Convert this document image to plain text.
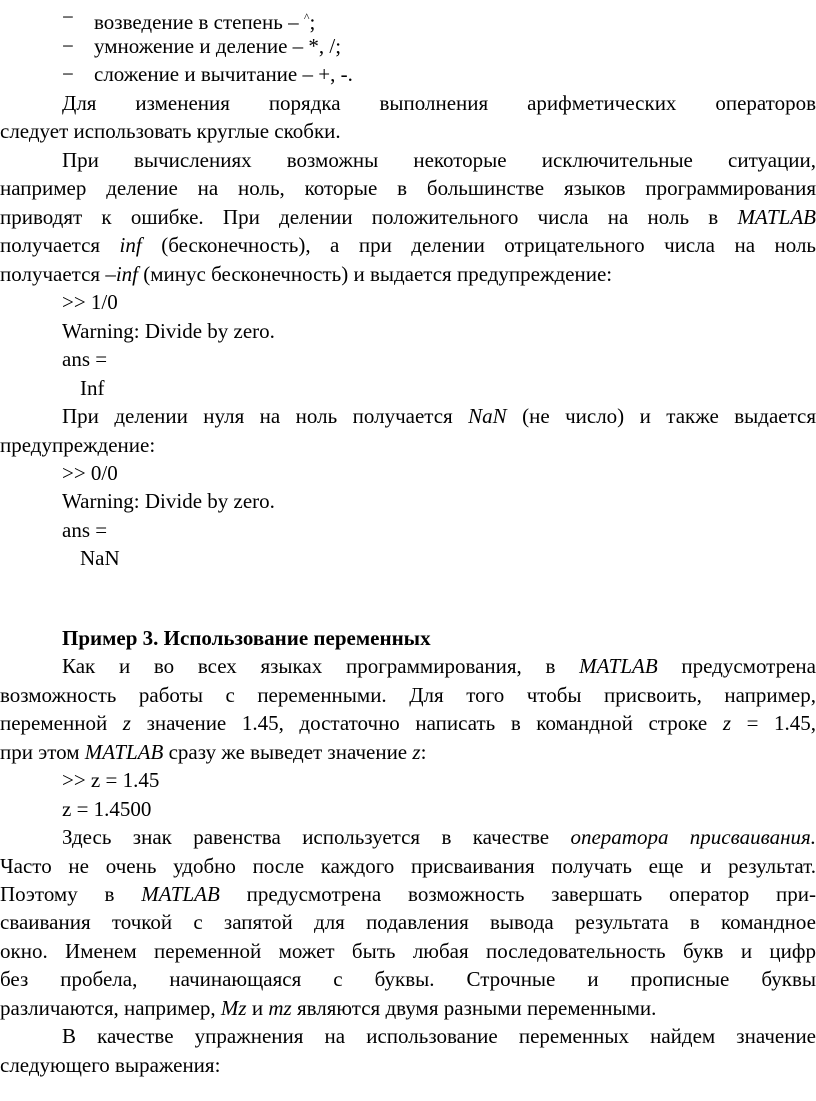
− возведение в степень – ^;
− умножение и деление – *, /;
− сложение и вычитание – +, -.
Для изменения порядка выполнения арифметических операторов
следует использовать круглые скобки.
При вычислениях возможны некоторые исключительные ситуации,
например деление на ноль, которые в большинстве языков программирования
приводят к ошибке. При делении положительного числа на ноль в MATLAB
получается inf (бесконечность), а при делении отрицательного числа на ноль
получается –inf (минус бесконечность) и выдается предупреждение:
>> 1/0
Warning: Divide by zero.
ans =
Inf
При делении нуля на ноль получается NaN (не число) и также выдается
предупреждение:
>> 0/0
Warning: Divide by zero.
ans =
NaN
Пример 3. Использование переменных
Как и во всех языках программирования, в MATLAB предусмотрена
возможность работы с переменными. Для того чтобы присвоить, например,
переменной z значение 1.45, достаточно написать в командной строке z = 1.45,
при этом MATLAB сразу же выведет значение z:
>> z = 1.45
z = 1.4500
Здесь знак равенства используется в качестве оператора присваивания.
Часто не очень удобно после каждого присваивания получать еще и результат.
Поэтому в MATLAB предусмотрена возможность завершать оператор при-
сваивания точкой с запятой для подавления вывода результата в командное
окно. Именем переменной может быть любая последовательность букв и цифр
без пробела, начинающаяся с буквы. Строчные и прописные буквы
различаются, например, Mz и mz являются двумя разными переменными.
В качестве упражнения на использование переменных найдем значение
следующего выражения:
